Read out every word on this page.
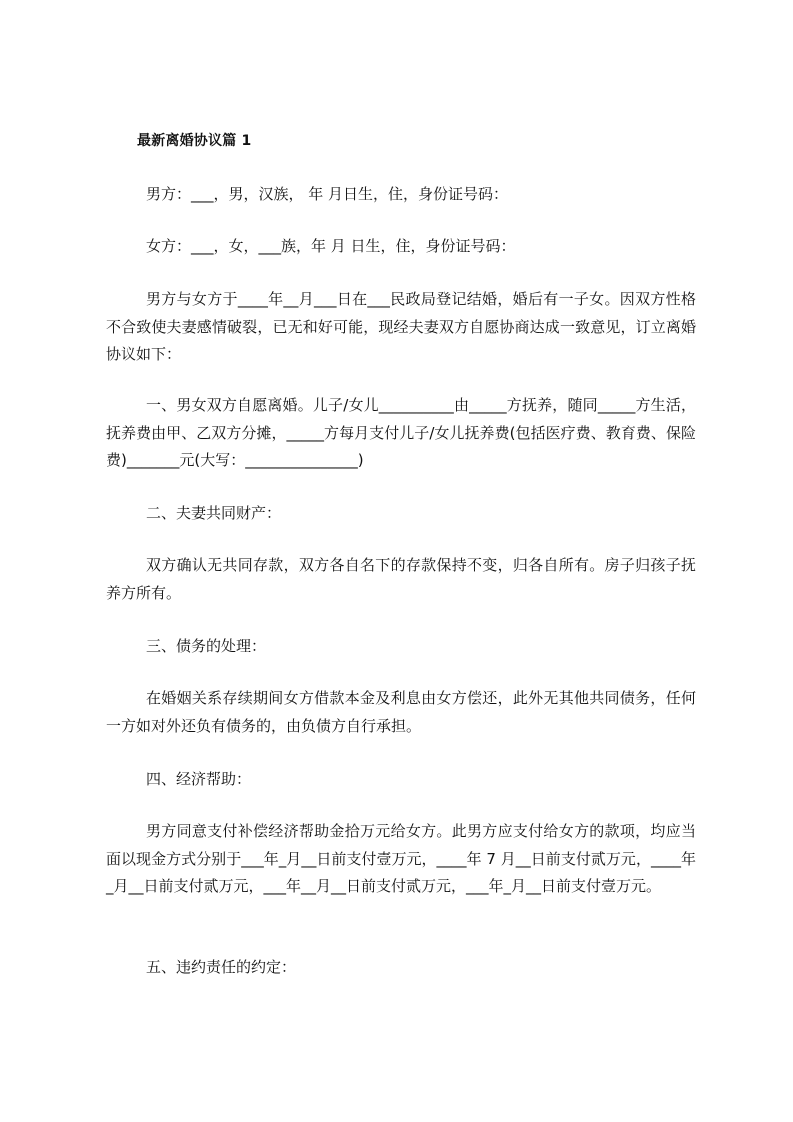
最新离婚协议篇 1

男方：___，男，汉族， 年 月日生，住，身份证号码：

女方：___，女，___族，年 月 日生，住，身份证号码：

男方与女方于____年__月___日在___民政局登记结婚，婚后有一子女。因双方性格不合致使夫妻感情破裂，已无和好可能，现经夫妻双方自愿协商达成一致意见，订立离婚协议如下：

一、男女双方自愿离婚。儿子/女儿__________由_____方抚养，随同_____方生活，抚养费由甲、乙双方分摊，_____方每月支付儿子/女儿抚养费(包括医疗费、教育费、保险费)_______元(大写：_______________)

二、夫妻共同财产：

双方确认无共同存款，双方各自名下的存款保持不变，归各自所有。房子归孩子抚养方所有。

三、债务的处理：

在婚姻关系存续期间女方借款本金及利息由女方偿还，此外无其他共同债务，任何一方如对外还负有债务的，由负债方自行承担。

四、经济帮助：

男方同意支付补偿经济帮助金拾万元给女方。此男方应支付给女方的款项，均应当面以现金方式分别于___年_月__日前支付壹万元，____年 7 月__日前支付贰万元，____年_月__日前支付贰万元，___年__月__日前支付贰万元，___年_月__日前支付壹万元。

五、违约责任的约定：
